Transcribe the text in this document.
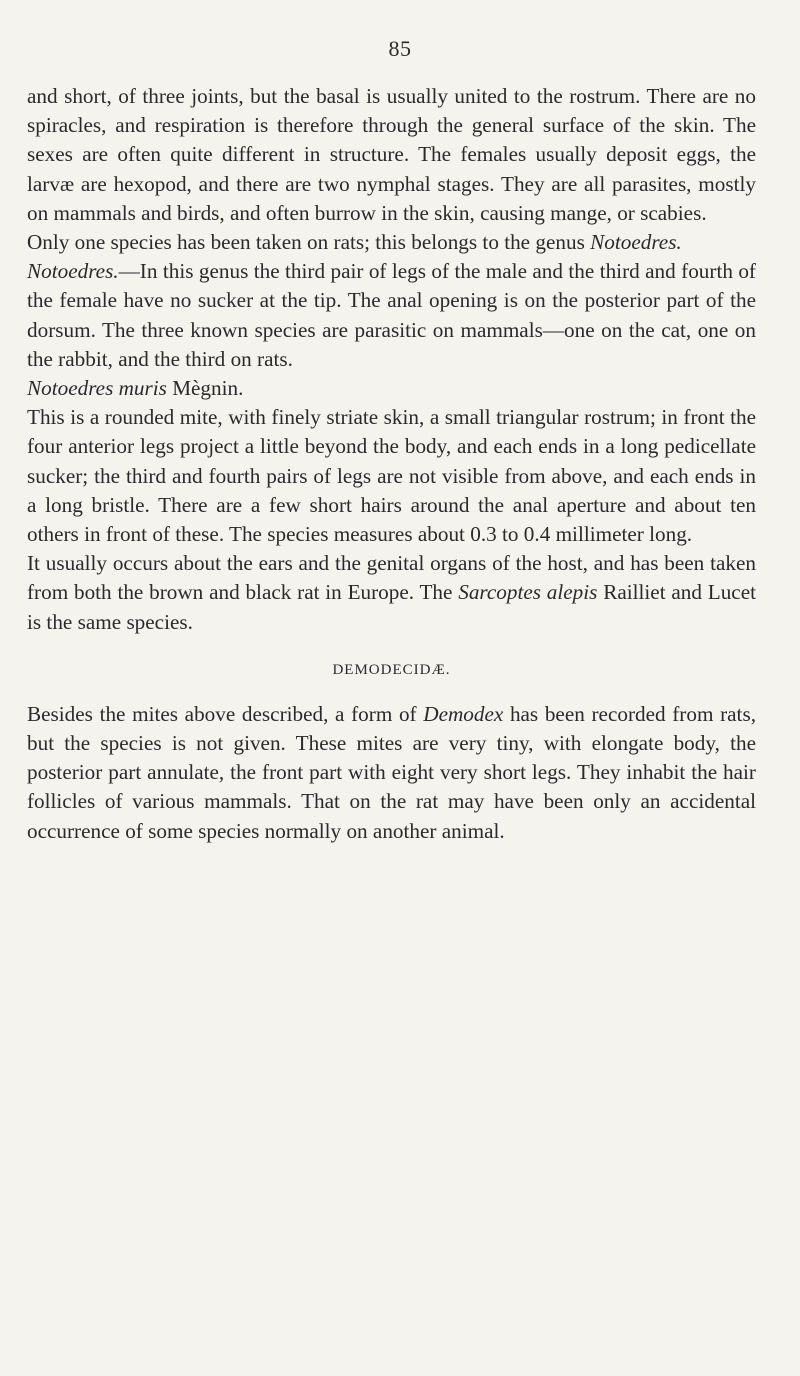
85

and short, of three joints, but the basal is usually united to the rostrum. There are no spiracles, and respiration is therefore through the general surface of the skin. The sexes are often quite different in structure. The females usually deposit eggs, the larvæ are hexopod, and there are two nymphal stages. They are all parasites, mostly on mammals and birds, and often burrow in the skin, causing mange, or scabies.

Only one species has been taken on rats; this belongs to the genus Notoedres.

Notoedres.—In this genus the third pair of legs of the male and the third and fourth of the female have no sucker at the tip. The anal opening is on the posterior part of the dorsum. The three known species are parasitic on mammals—one on the cat, one on the rabbit, and the third on rats.

Notoedres muris Mègnin.

This is a rounded mite, with finely striate skin, a small triangular rostrum; in front the four anterior legs project a little beyond the body, and each ends in a long pedicellate sucker; the third and fourth pairs of legs are not visible from above, and each ends in a long bristle. There are a few short hairs around the anal aperture and about ten others in front of these. The species measures about 0.3 to 0.4 millimeter long.

It usually occurs about the ears and the genital organs of the host, and has been taken from both the brown and black rat in Europe. The Sarcoptes alepis Railliet and Lucet is the same species.

DEMODECIDÆ.

Besides the mites above described, a form of Demodex has been recorded from rats, but the species is not given. These mites are very tiny, with elongate body, the posterior part annulate, the front part with eight very short legs. They inhabit the hair follicles of various mammals. That on the rat may have been only an accidental occurrence of some species normally on another animal.
